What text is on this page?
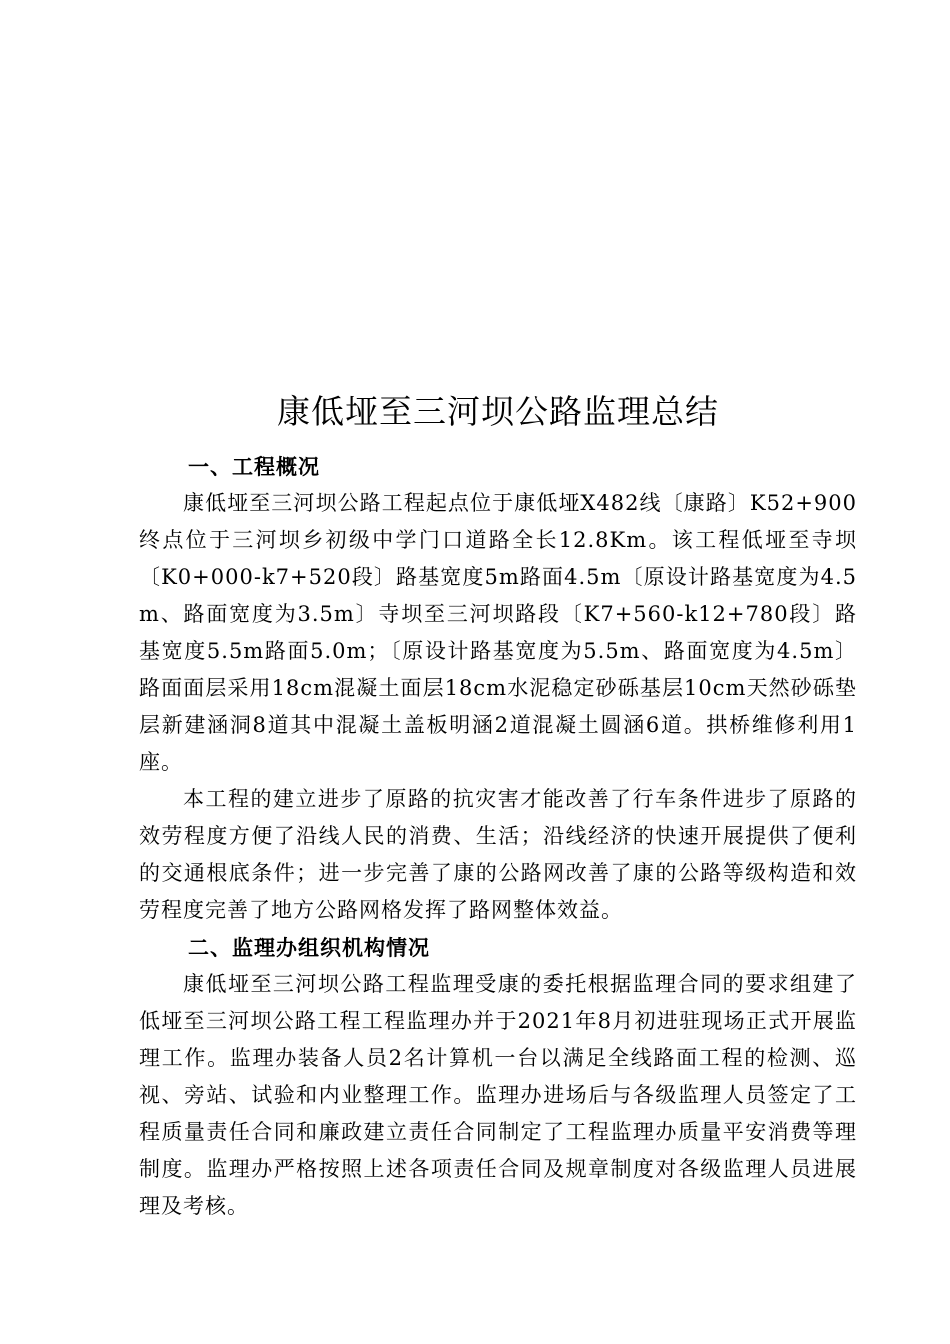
康低垭至三河坝公路监理总结
一、工程概况

康低垭至三河坝公路工程起点位于康低垭X482线〔康路〕K52+900终点位于三河坝乡初级中学门口道路全长12.8Km。该工程低垭至寺坝〔K0+000-k7+520段〕路基宽度5m路面4.5m〔原设计路基宽度为4.5m、路面宽度为3.5m〕寺坝至三河坝路段〔K7+560-k12+780段〕路基宽度5.5m路面5.0m；〔原设计路基宽度为5.5m、路面宽度为4.5m〕路面面层采用18cm混凝土面层18cm水泥稳定砂砾基层10cm天然砂砾垫层新建涵洞8道其中混凝土盖板明涵2道混凝土圆涵6道。拱桥维修利用1座。

本工程的建立进步了原路的抗灾害才能改善了行车条件进步了原路的效劳程度方便了沿线人民的消费、生活；沿线经济的快速开展提供了便利的交通根底条件；进一步完善了康的公路网改善了康的公路等级构造和效劳程度完善了地方公路网格发挥了路网整体效益。

二、监理办组织机构情况

康低垭至三河坝公路工程监理受康的委托根据监理合同的要求组建了低垭至三河坝公路工程工程监理办并于2021年8月初进驻现场正式开展监理工作。监理办装备人员2名计算机一台以满足全线路面工程的检测、巡视、旁站、试验和内业整理工作。监理办进场后与各级监理人员签定了工程质量责任合同和廉政建立责任合同制定了工程监理办质量平安消费等理制度。监理办严格按照上述各项责任合同及规章制度对各级监理人员进展理及考核。
